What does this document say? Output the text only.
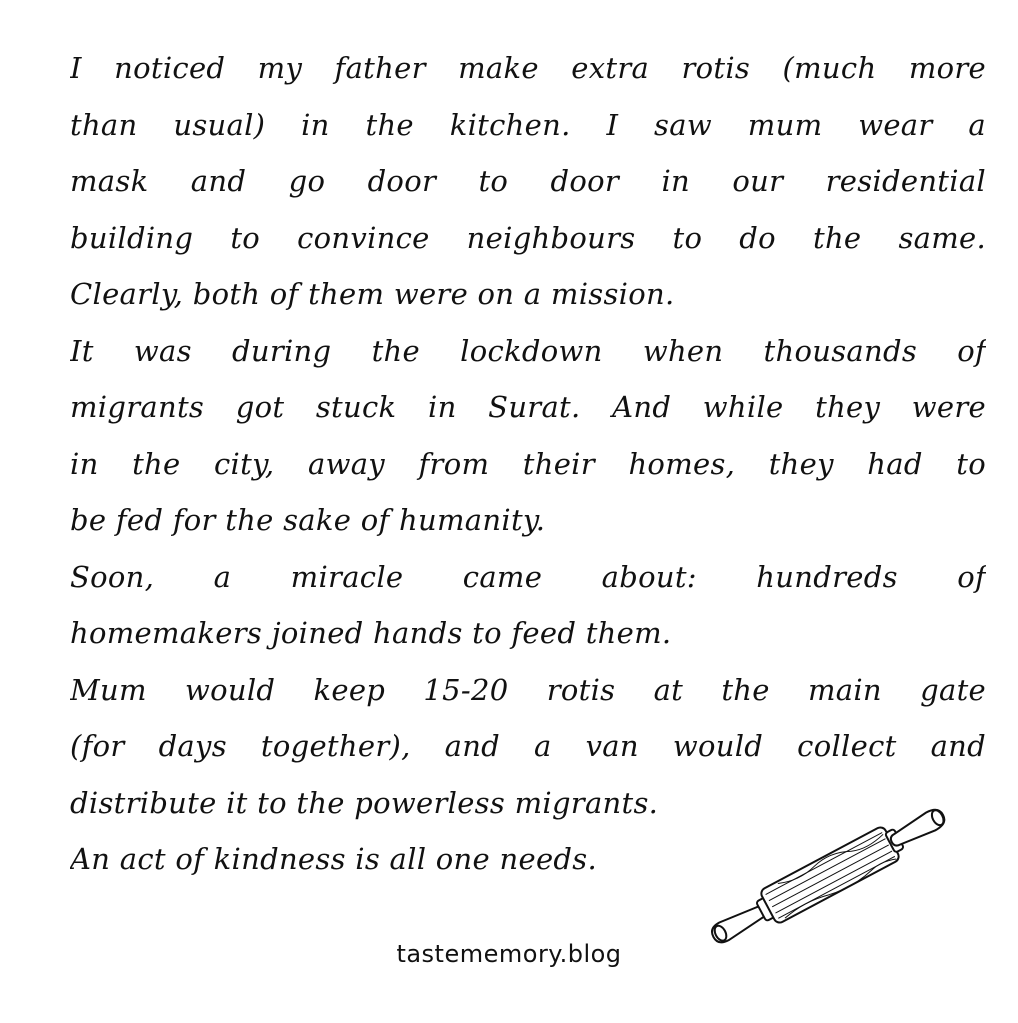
I noticed my father make extra rotis (much more
than usual) in the kitchen. I saw mum wear a
mask and go door to door in our residential
building to convince neighbours to do the same.
Clearly, both of them were on a mission.
It was during the lockdown when thousands of
migrants got stuck in Surat. And while they were
in the city, away from their homes, they had to
be fed for the sake of humanity.
Soon, a miracle came about: hundreds of
homemakers joined hands to feed them.
Mum would keep 15-20 rotis at the main gate
(for days together), and a van would collect and
distribute it to the powerless migrants.
An act of kindness is all one needs.
tastememory.blog
